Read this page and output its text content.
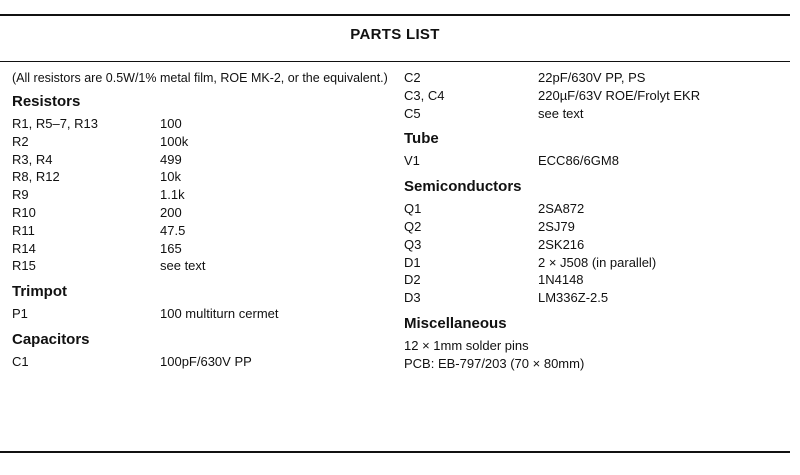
PARTS LIST
(All resistors are 0.5W/1% metal film, ROE MK-2, or the equivalent.)
Resistors
R1, R5–7, R13	100
R2	100k
R3, R4	499
R8, R12	10k
R9	1.1k
R10	200
R11	47.5
R14	165
R15	see text
Trimpot
P1	100 multiturn cermet
Capacitors
C1	100pF/630V PP
C2	22pF/630V PP, PS
C3, C4	220µF/63V ROE/Frolyt EKR
C5	see text
Tube
V1	ECC86/6GM8
Semiconductors
Q1	2SA872
Q2	2SJ79
Q3	2SK216
D1	2 × J508 (in parallel)
D2	1N4148
D3	LM336Z-2.5
Miscellaneous
12 × 1mm solder pins
PCB: EB-797/203 (70 × 80mm)
